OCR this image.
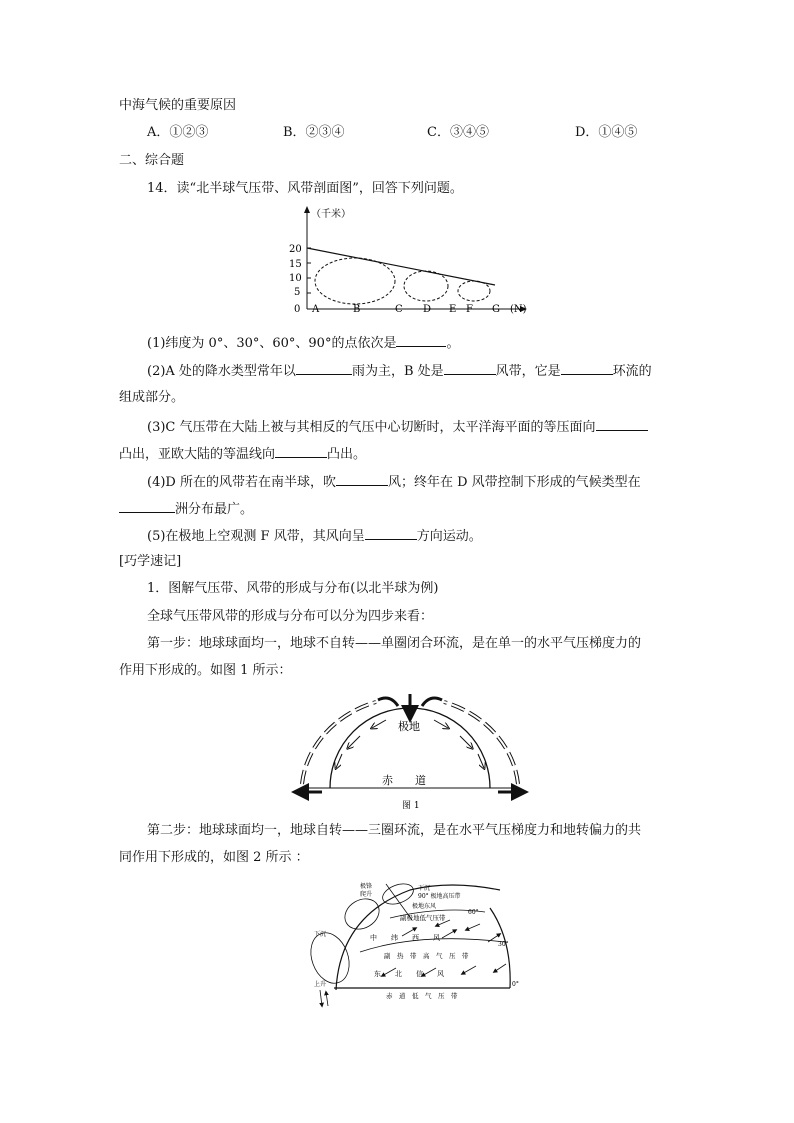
中海气候的重要原因
A．①②③	B．②③④	C．③④⑤	D．①④⑤
二、综合题
14．读“北半球气压带、风带剖面图”，回答下列问题。
（千米）
(N)
20
15
10
5
0 A	B	C D E F G
(1)纬度为 0°、30°、60°、90°的点依次是	。
(2)A 处的降水类型常年以	雨为主，B 处是	风带，它是	环流的
组成部分。
(3)C 气压带在大陆上被与其相反的气压中心切断时，太平洋海平面的等压面向
凸出，亚欧大陆的等温线向	凸出。
(4)D 所在的风带若在南半球，吹	风；终年在 D 风带控制下形成的气候类型在
洲分布最广。
(5)在极地上空观测 F 风带，其风向呈	方向运动。
[巧学速记]
1．图解气压带、风带的形成与分布(以北半球为例)
全球气压带风带的形成与分布可以分为四步来看：
第一步：地球球面均一，地球不自转——单圈闭合环流，是在单一的水平气压梯度力的
作用下形成的。如图 1 所示：
极地
赤　　道
图 1
第二步：地球球面均一，地球自转——三圈环流，是在水平气压梯度力和地转偏力的共
同作用下形成的，如图 2 所示 ：
极锋
爬升
下沉
90° 极地高压带
极地东风
副极地低气压带
60°
中　　纬　　西　　风
30°
副　热　带　高　气　压　带
东　　北　　信　　风
下沉
上升
赤　道　低　气　压　带
0°
